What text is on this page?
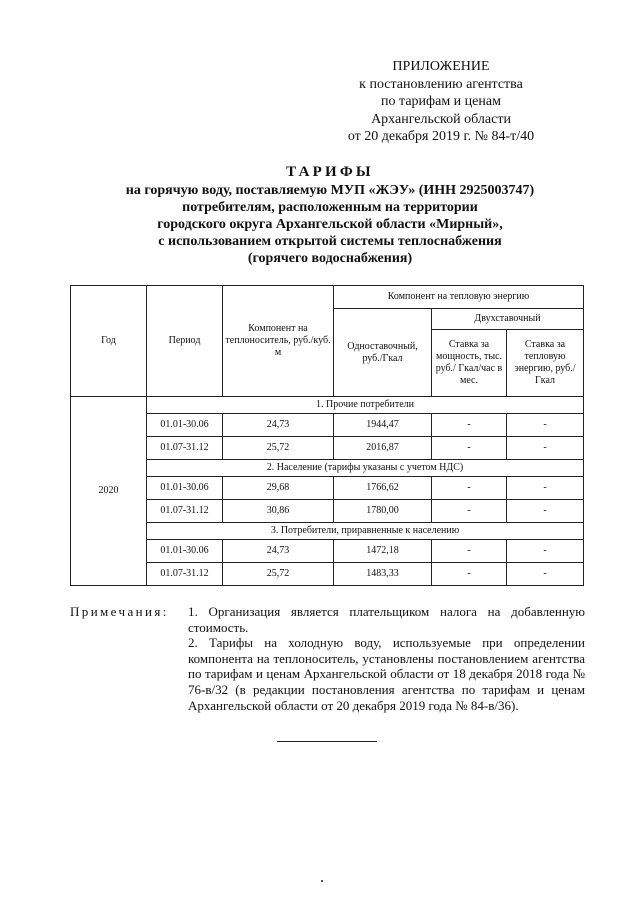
ПРИЛОЖЕНИЕ
к постановлению агентства
по тарифам и ценам
Архангельской области
от 20 декабря 2019 г. № 84-т/40
ТАРИФЫ
на горячую воду, поставляемую МУП «ЖЭУ» (ИНН 2925003747)
потребителям, расположенным на территории
городского округа Архангельской области «Мирный»,
с использованием открытой системы теплоснабжения
(горячего водоснабжения)
Год	Период	Компонент на теплоноситель, руб./куб. м	Компонент на тепловую энергию		
			Одноставочный, руб./Гкал	Двухставочный	
				Ставка за мощность, тыс. руб./ Гкал/час в мес.	Ставка за тепловую энергию, руб./Гкал
2020	1. Прочие потребители				
	01.01-30.06	24,73	1944,47	-	-
	01.07-31.12	25,72	2016,87	-	-
	2. Население (тарифы указаны с учетом НДС)				
	01.01-30.06	29,68	1766,62	-	-
	01.07-31.12	30,86	1780,00	-	-
	3. Потребители, приравненные к населению				
	01.01-30.06	24,73	1472,18	-	-
	01.07-31.12	25,72	1483,33	-	-
Примечания: 1. Организация является плательщиком налога на добавленную стоимость.

2. Тарифы на холодную воду, используемые при определении компонента на теплоноситель, установлены постановлением агентства по тарифам и ценам Архангельской области от 18 декабря 2018 года № 76-в/32 (в редакции постановления агентства по тарифам и ценам Архангельской области от 20 декабря 2019 года № 84-в/36).
